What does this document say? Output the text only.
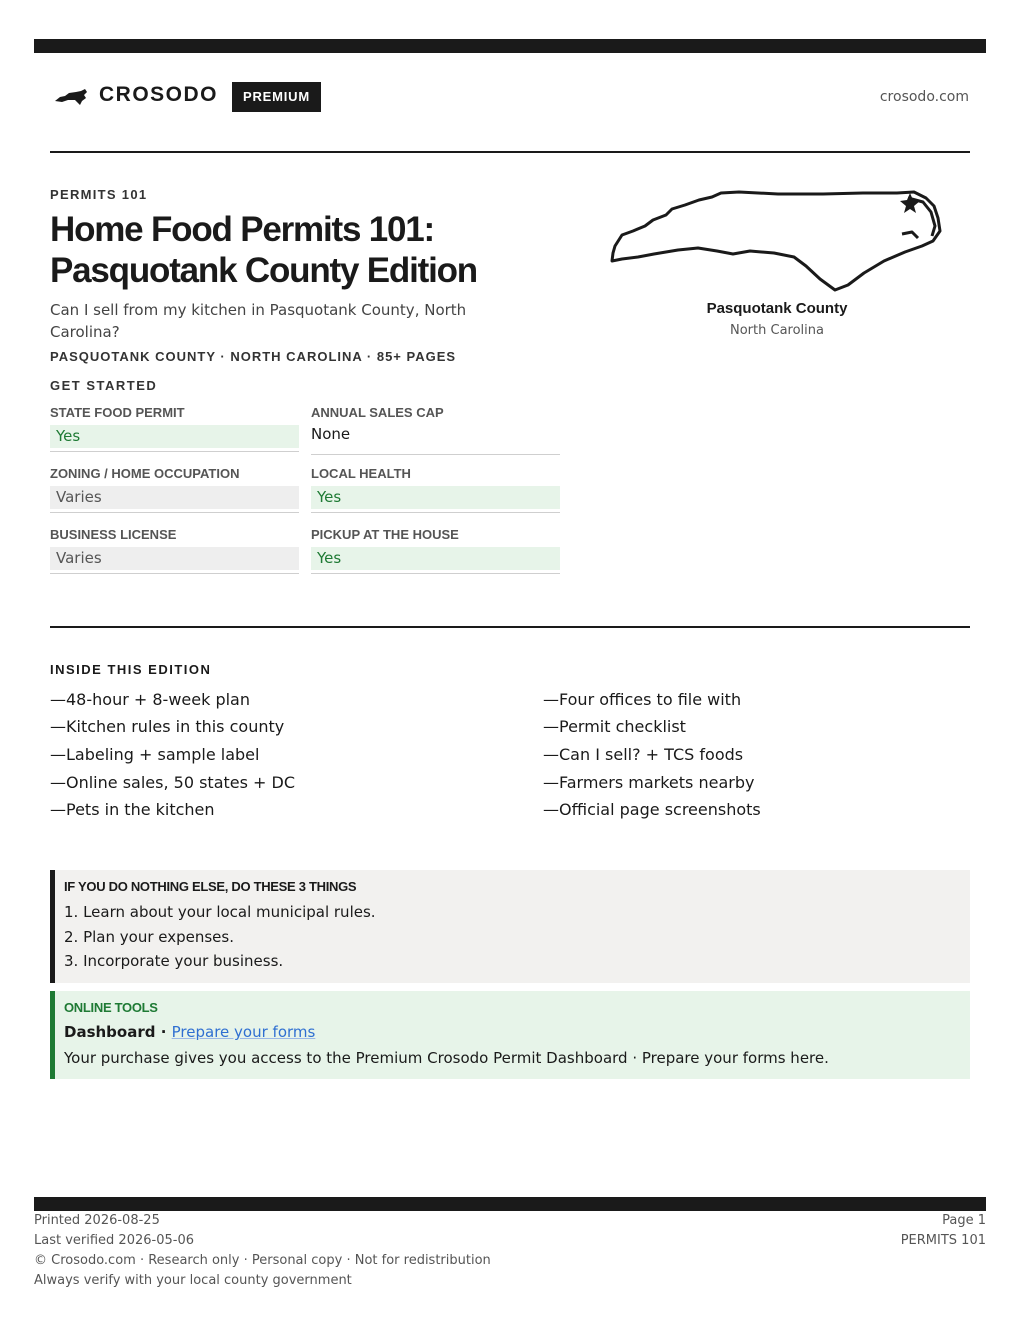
CROSODO	PREMIUM	crosodo.com
PERMITS 101
Home Food Permits 101:
Pasquotank County Edition
Can I sell from my kitchen in Pasquotank County, North Carolina?
PASQUOTANK COUNTY · NORTH CAROLINA · 85+ PAGES
Pasquotank County
North Carolina
GET STARTED
STATE FOOD PERMIT
Yes
ANNUAL SALES CAP
None
ZONING / HOME OCCUPATION
Varies
LOCAL HEALTH
Yes
BUSINESS LICENSE
Varies
PICKUP AT THE HOUSE
Yes
INSIDE THIS EDITION
—48-hour + 8-week plan
—Kitchen rules in this county
—Labeling + sample label
—Online sales, 50 states + DC
—Pets in the kitchen
—Four offices to file with
—Permit checklist
—Can I sell? + TCS foods
—Farmers markets nearby
—Official page screenshots
IF YOU DO NOTHING ELSE, DO THESE 3 THINGS
1. Learn about your local municipal rules.
2. Plan your expenses.
3. Incorporate your business.
ONLINE TOOLS
Dashboard · Prepare your forms
Your purchase gives you access to the Premium Crosodo Permit Dashboard · Prepare your forms here.
Printed 2026-08-25
Last verified 2026-05-06
© Crosodo.com · Research only · Personal copy · Not for redistribution
Always verify with your local county government
Page 1
PERMITS 101
